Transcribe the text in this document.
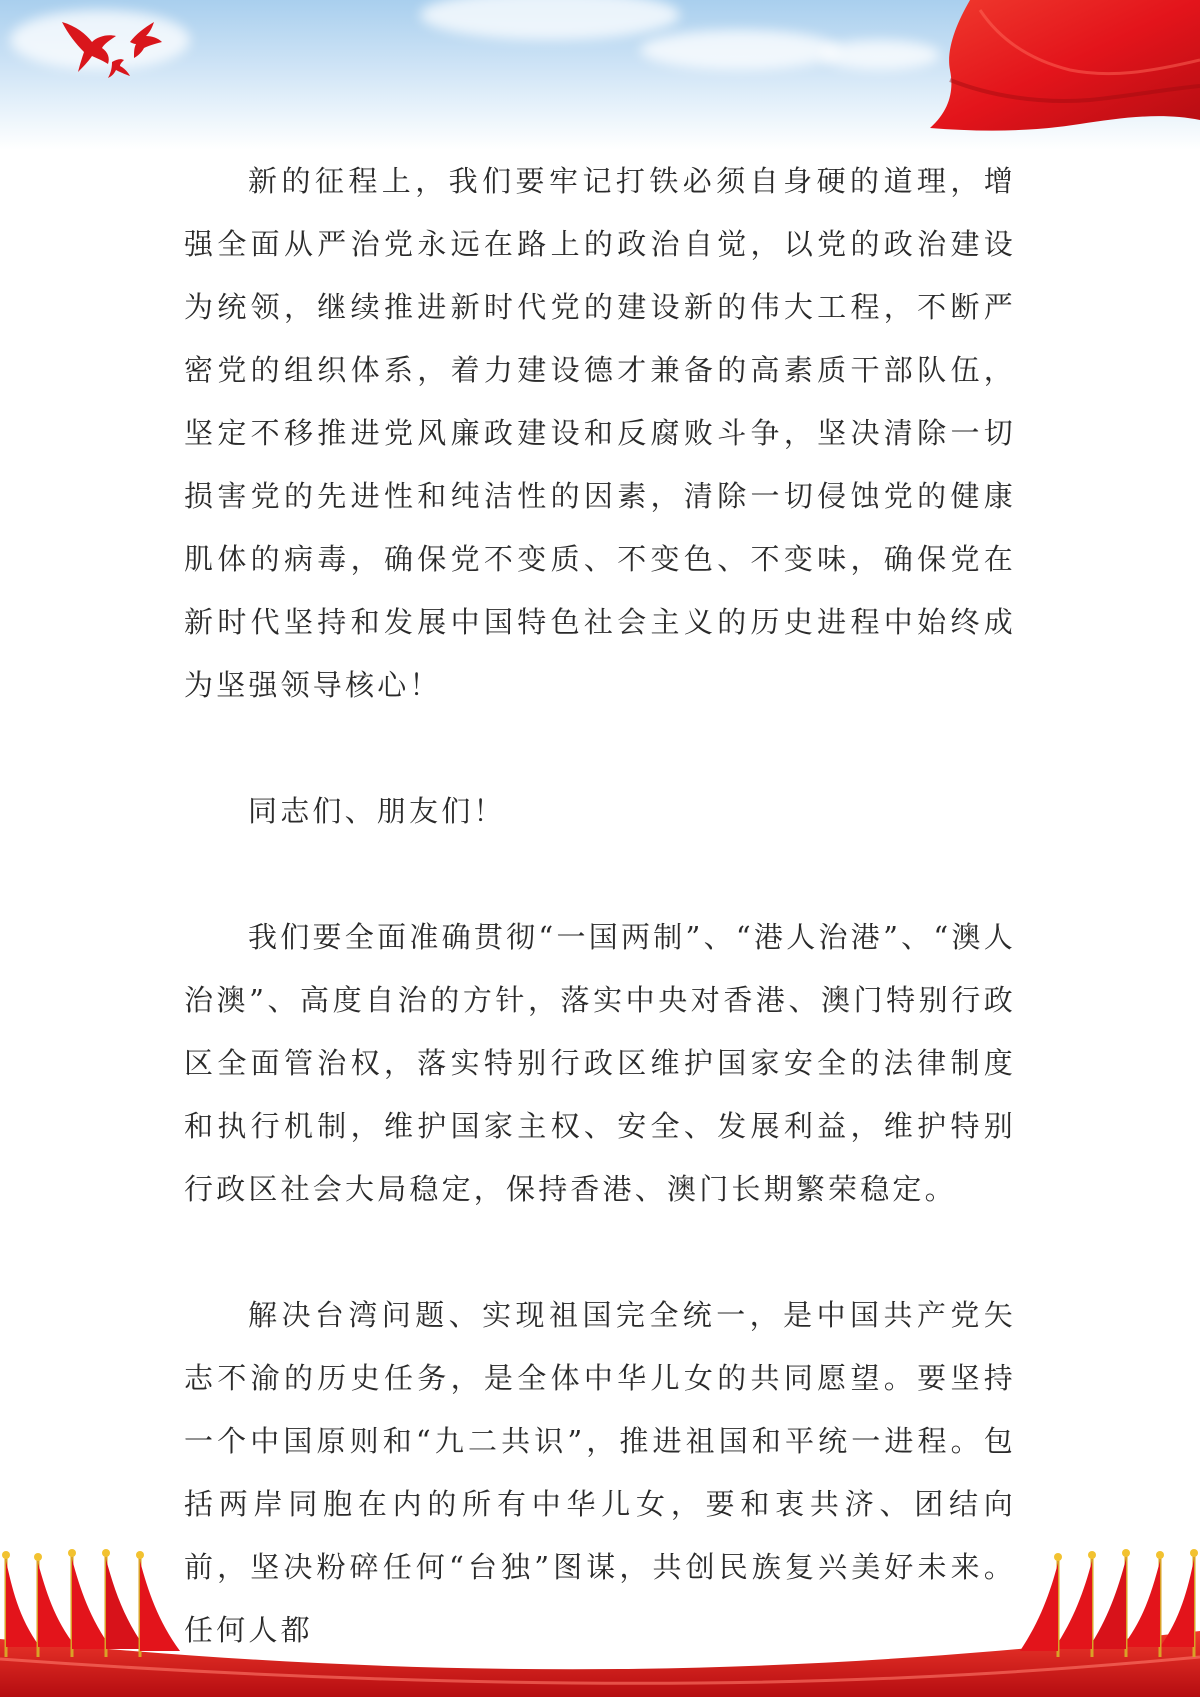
新的征程上，我们要牢记打铁必须自身硬的道理，增强全面从严治党永远在路上的政治自觉，以党的政治建设为统领，继续推进新时代党的建设新的伟大工程，不断严密党的组织体系，着力建设德才兼备的高素质干部队伍，坚定不移推进党风廉政建设和反腐败斗争，坚决清除一切损害党的先进性和纯洁性的因素，清除一切侵蚀党的健康肌体的病毒，确保党不变质、不变色、不变味，确保党在新时代坚持和发展中国特色社会主义的历史进程中始终成为坚强领导核心！

同志们、朋友们！

我们要全面准确贯彻“一国两制”、“港人治港”、“澳人治澳”、高度自治的方针，落实中央对香港、澳门特别行政区全面管治权，落实特别行政区维护国家安全的法律制度和执行机制，维护国家主权、安全、发展利益，维护特别行政区社会大局稳定，保持香港、澳门长期繁荣稳定。

解决台湾问题、实现祖国完全统一，是中国共产党矢志不渝的历史任务，是全体中华儿女的共同愿望。要坚持一个中国原则和“九二共识”，推进祖国和平统一进程。包括两岸同胞在内的所有中华儿女，要和衷共济、团结向前，坚决粉碎任何“台独”图谋，共创民族复兴美好未来。任何人都
